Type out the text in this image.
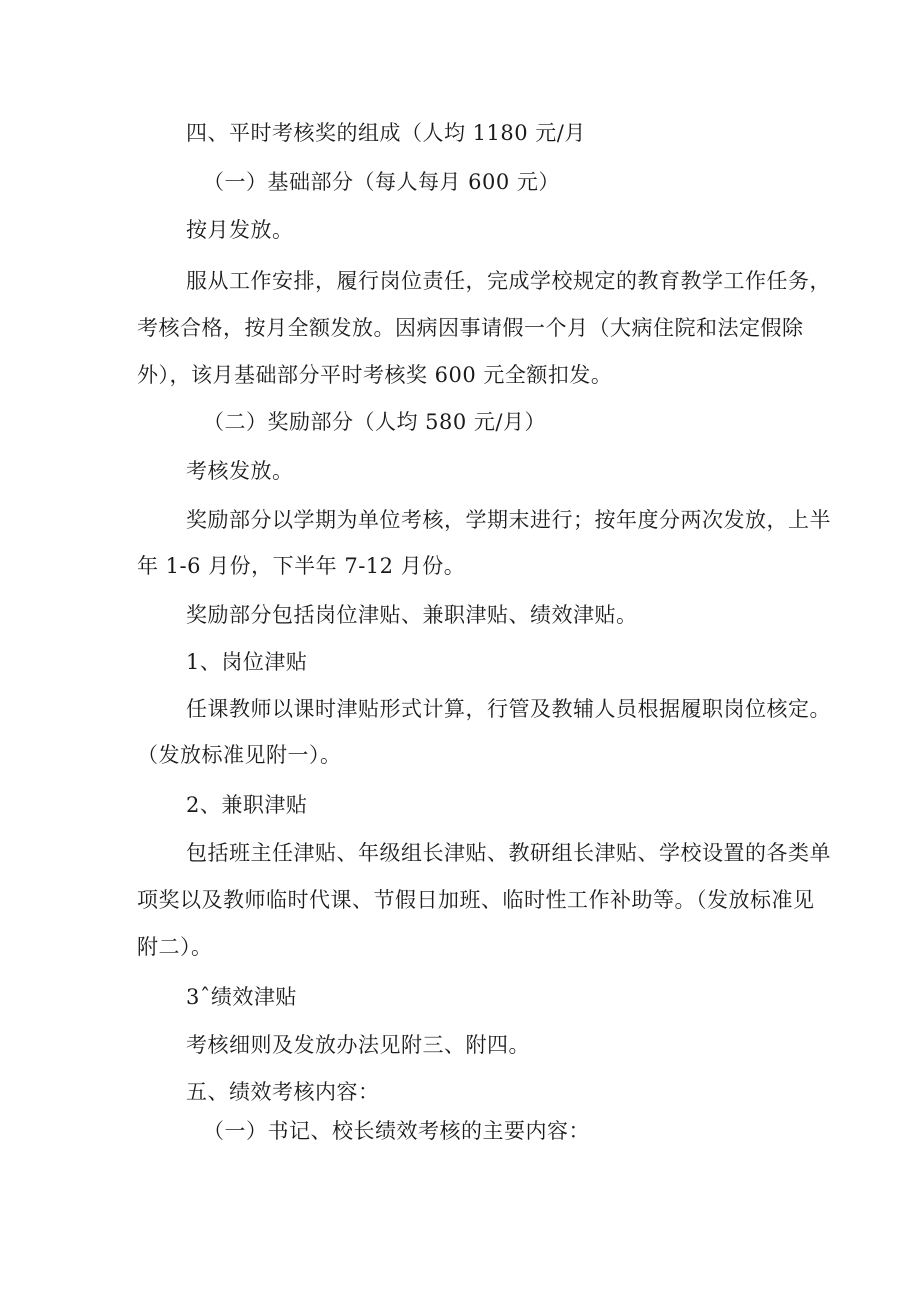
四、平时考核奖的组成（人均 1180 元/月
（一）基础部分（每人每月 600 元）
按月发放。
服从工作安排，履行岗位责任，完成学校规定的教育教学工作任务，
考核合格，按月全额发放。因病因事请假一个月（大病住院和法定假除
外），该月基础部分平时考核奖 600 元全额扣发。
（二）奖励部分（人均 580 元/月）
考核发放。
奖励部分以学期为单位考核，学期末进行；按年度分两次发放，上半
年 1-6 月份，下半年 7-12 月份。
奖励部分包括岗位津贴、兼职津贴、绩效津贴。
1、岗位津贴
任课教师以课时津贴形式计算，行管及教辅人员根据履职岗位核定。
（发放标准见附一）。
2、兼职津贴
包括班主任津贴、年级组长津贴、教研组长津贴、学校设置的各类单
项奖以及教师临时代课、节假日加班、临时性工作补助等。（发放标准见
附二）。
3ˆ绩效津贴
考核细则及发放办法见附三、附四。
五、绩效考核内容：
（一）书记、校长绩效考核的主要内容：
